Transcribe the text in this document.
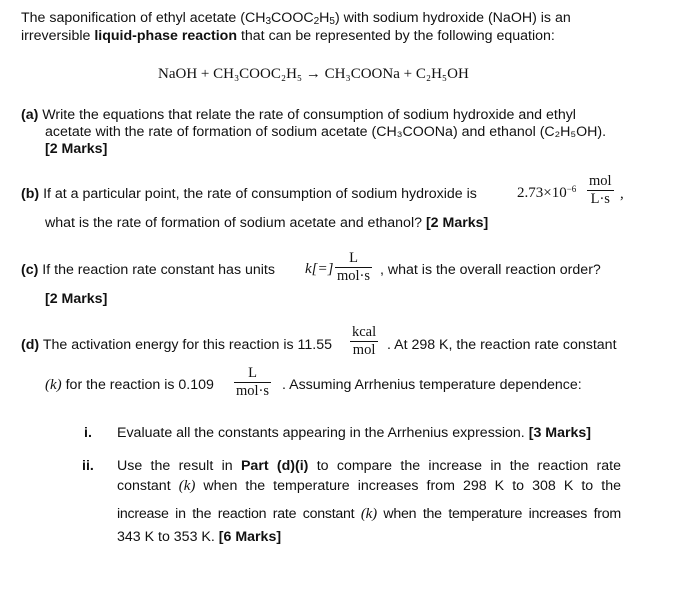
The saponification of ethyl acetate $(CH_3COOC_2H_5)$ with sodium hydroxide (NaOH) is an
irreversible liquid-phase reaction that can be represented by the following equation:
NaOH + CH₃COOC₂H₅ → CH₃COONa + C₂H₅OH
(a) Write the equations that relate the rate of consumption of sodium hydroxide and ethyl
acetate with the rate of formation of sodium acetate (CH₃COONa) and ethanol (C₂H₅OH).
[2 Marks]
(b) If at a particular point, the rate of consumption of sodium hydroxide is	$2.73\times 10^{-6}$ mol
L·s ,
what is the rate of formation of sodium acetate and ethanol? [2 Marks]
(c) If the reaction rate constant has units k[=]
L
mol·s , what is the overall reaction order?
[2 Marks]
(d) The activation energy for this reaction is 11.55
kcal
mol . At 298 K, the reaction rate constant
(k) for the reaction is 0.109
L
mol·s . Assuming Arrhenius temperature dependence:
i. Evaluate all the constants appearing in the Arrhenius expression. [3 Marks]
ii. Use the result in Part (d)(i) to compare the increase in the reaction rate
constant (k) when the temperature increases from 298 K to 308 K to the
increase in the reaction rate constant (k) when the temperature increases from
343 K to 353 K. [6 Marks]
